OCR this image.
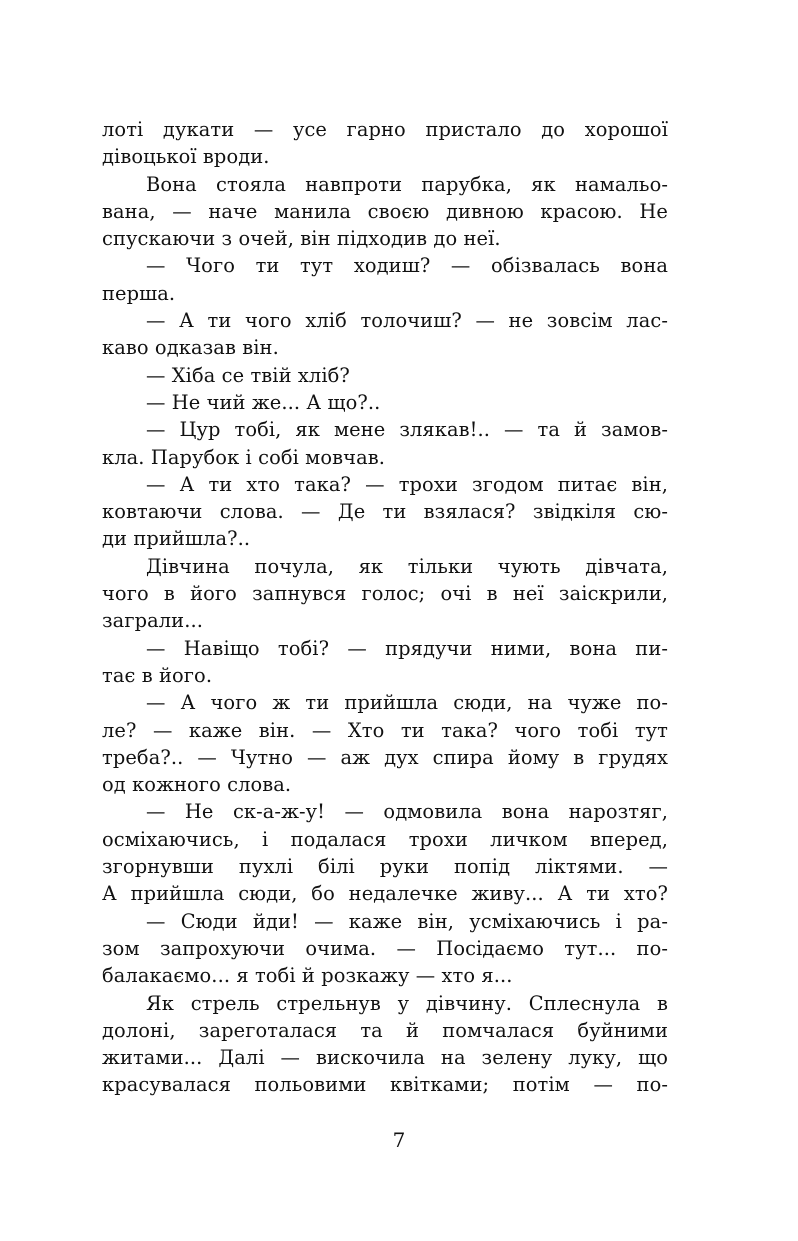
лоті дукати — усе гарно пристало до хорошої

дівоцької вроди.

Вона стояла навпроти парубка, як намальо-

вана, — наче манила своєю дивною красою. Не

спускаючи з очей, він підходив до неї.

— Чого ти тут ходиш? — обізвалась вона

перша.

— А ти чого хліб толочиш? — не зовсім лас-

каво одказав він.

— Хіба се твій хліб?

— Не чий же... А що?..

— Цур тобі, як мене злякав!.. — та й замов-

кла. Парубок і собі мовчав.

— А ти хто така? — трохи згодом питає він,

ковтаючи слова. — Де ти взялася? звідкіля сю-

ди прийшла?..

Дівчина почула, як тільки чують дівчата,

чого в його запнувся голос; очі в неї заіскрили,

заграли...

— Навіщо тобі? — прядучи ними, вона пи-

тає в його.

— А чого ж ти прийшла сюди, на чуже по-

ле? — каже він. — Хто ти така? чого тобі тут

треба?.. — Чутно — аж дух спира йому в грудях

од кожного слова.

— Не ск-а-ж-у! — одмовила вона нарозтяг,

осміхаючись, і подалася трохи личком вперед,

згорнувши пухлі білі руки попід ліктями. —

А прийшла сюди, бо недалечке живу... А ти хто?

— Сюди йди! — каже він, усміхаючись і ра-

зом запрохуючи очима. — Посідаємо тут... по-

балакаємо... я тобі й розкажу — хто я...

Як стрель стрельнув у дівчину. Сплеснула в

долоні, зареготалася та й помчалася буйними

житами... Далі — вискочила на зелену луку, що

красувалася польовими квітками; потім — по-

7
